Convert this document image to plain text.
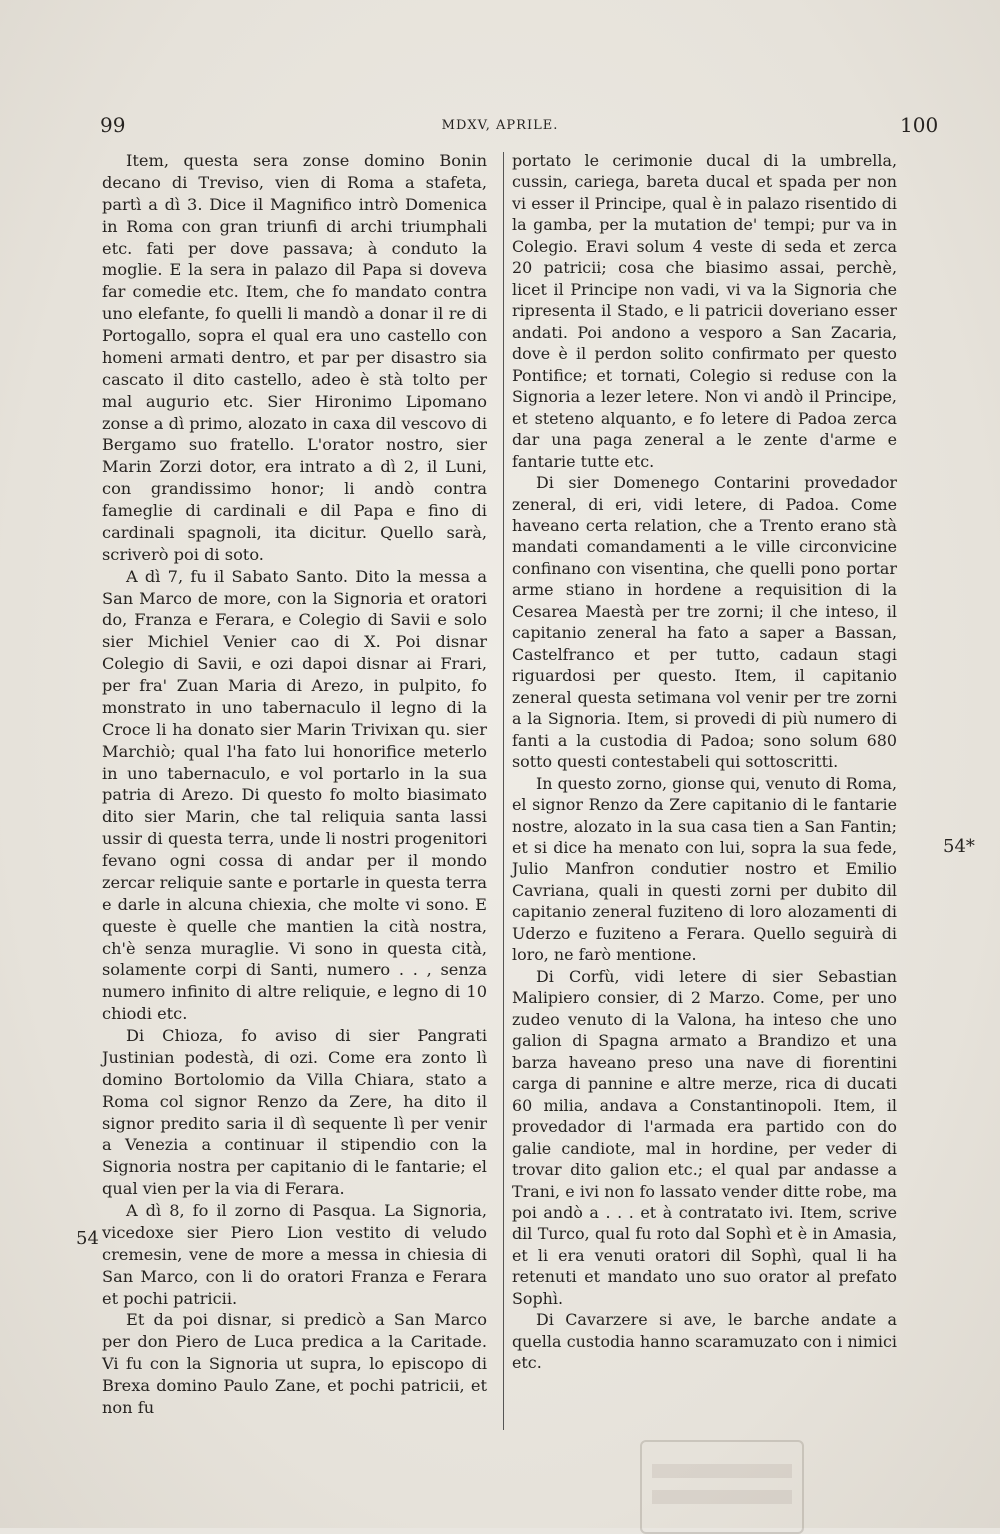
99	MDXV, APRILE.	100
54
54*

Item, questa sera zonse domino Bonin decano di Treviso, vien di Roma a stafeta, partì a dì 3. Dice il Magnifico intrò Domenica in Roma con gran triunfi di archi triumphali etc. fati per dove passava; à conduto la moglie. E la sera in palazo dil Papa si doveva far comedie etc. Item, che fo mandato contra uno elefante, fo quelli li mandò a donar il re di Portogallo, sopra el qual era uno castello con homeni armati dentro, et par per disastro sia cascato il dito castello, adeo è stà tolto per mal augurio etc. Sier Hironimo Lipomano zonse a dì primo, alozato in caxa dil vescovo di Bergamo suo fratello. L'orator nostro, sier Marin Zorzi dotor, era intrato a dì 2, il Luni, con grandissimo honor; li andò contra fameglie di cardinali e dil Papa e fino di cardinali spagnoli, ita dicitur. Quello sarà, scriverò poi di soto.

A dì 7, fu il Sabato Santo. Dito la messa a San Marco de more, con la Signoria et oratori do, Franza e Ferara, e Colegio di Savii e solo sier Michiel Venier cao di X. Poi disnar Colegio di Savii, e ozi dapoi disnar ai Frari, per fra' Zuan Maria di Arezo, in pulpito, fo monstrato in uno tabernaculo il legno di la Croce li ha donato sier Marin Trivixan qu. sier Marchiò; qual l'ha fato lui honorifice meterlo in uno tabernaculo, e vol portarlo in la sua patria di Arezo. Di questo fo molto biasimato dito sier Marin, che tal reliquia santa lassi ussir di questa terra, unde li nostri progenitori fevano ogni cossa di andar per il mondo zercar reliquie sante e portarle in questa terra e darle in alcuna chiexia, che molte vi sono. E queste è quelle che mantien la cità nostra, ch'è senza muraglie. Vi sono in questa cità, solamente corpi di Santi, numero . . , senza numero infinito di altre reliquie, e legno di 10 chiodi etc.

Di Chioza, fo aviso di sier Pangrati Justinian podestà, di ozi. Come era zonto lì domino Bortolomio da Villa Chiara, stato a Roma col signor Renzo da Zere, ha dito il signor predito saria il dì sequente lì per venir a Venezia a continuar il stipendio con la Signoria nostra per capitanio di le fantarie; el qual vien per la via di Ferara.

A dì 8, fo il zorno di Pasqua. La Signoria, vicedoxe sier Piero Lion vestito di veludo cremesin, vene de more a messa in chiesia di San Marco, con li do oratori Franza e Ferara et pochi patricii.

Et da poi disnar, si predicò a San Marco per don Piero de Luca predica a la Caritade. Vi fu con la Signoria ut supra, lo episcopo di Brexa domino Paulo Zane, et pochi patricii, et non fu

portato le cerimonie ducal di la umbrella, cussin, cariega, bareta ducal et spada per non vi esser il Principe, qual è in palazo risentido di la gamba, per la mutation de' tempi; pur va in Colegio. Eravi solum 4 veste di seda et zerca 20 patricii; cosa che biasimo assai, perchè, licet il Principe non vadi, vi va la Signoria che ripresenta il Stado, e li patricii doveriano esser andati. Poi andono a vesporo a San Zacaria, dove è il perdon solito confirmato per questo Pontifice; et tornati, Colegio si reduse con la Signoria a lezer letere. Non vi andò il Principe, et steteno alquanto, e fo letere di Padoa zerca dar una paga zeneral a le zente d'arme e fantarie tutte etc.

Di sier Domenego Contarini provedador zeneral, di eri, vidi letere, di Padoa. Come haveano certa relation, che a Trento erano stà mandati comandamenti a le ville circonvicine confinano con visentina, che quelli pono portar arme stiano in hordene a requisition di la Cesarea Maestà per tre zorni; il che inteso, il capitanio zeneral ha fato a saper a Bassan, Castelfranco et per tutto, cadaun stagi riguardosi per questo. Item, il capitanio zeneral questa setimana vol venir per tre zorni a la Signoria. Item, si provedi di più numero di fanti a la custodia di Padoa; sono solum 680 sotto questi contestabeli qui sottoscritti.

In questo zorno, gionse qui, venuto di Roma, el signor Renzo da Zere capitanio di le fantarie nostre, alozato in la sua casa tien a San Fantin; et si dice ha menato con lui, sopra la sua fede, Julio Manfron condutier nostro et Emilio Cavriana, quali in questi zorni per dubito dil capitanio zeneral fuziteno di loro alozamenti di Uderzo e fuziteno a Ferara. Quello seguirà di loro, ne farò mentione.

Di Corfù, vidi letere di sier Sebastian Malipiero consier, di 2 Marzo. Come, per uno zudeo venuto di la Valona, ha inteso che uno galion di Spagna armato a Brandizo et una barza haveano preso una nave di fiorentini carga di pannine e altre merze, rica di ducati 60 milia, andava a Constantinopoli. Item, il provedador di l'armada era partido con do galie candiote, mal in hordine, per veder di trovar dito galion etc.; el qual par andasse a Trani, e ivi non fo lassato vender ditte robe, ma poi andò a . . . et à contratato ivi. Item, scrive dil Turco, qual fu roto dal Sophì et è in Amasia, et li era venuti oratori dil Sophì, qual li ha retenuti et mandato uno suo orator al prefato Sophì.

Di Cavarzere si ave, le barche andate a quella custodia hanno scaramuzato con i nimici etc.
